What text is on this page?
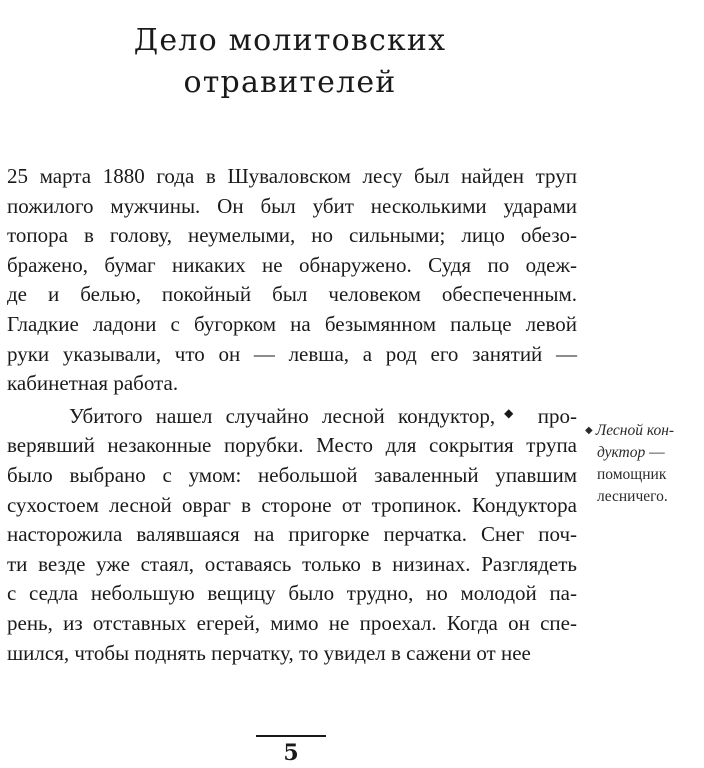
Дело молитовских
отравителей
25 марта 1880 года в Шуваловском лесу был найден труп
пожилого мужчины. Он был убит несколькими ударами
топора в голову, неумелыми, но сильными; лицо обезо-
бражено, бумаг никаких не обнаружено. Судя по одеж-
де и белью, покойный был человеком обеспеченным.
Гладкие ладони с бугорком на безымянном пальце левой
руки указывали, что он — левша, а род его занятий —
кабинетная работа.
Убитого нашел случайно лесной кондуктор,◆ про-
верявший незаконные порубки. Место для сокрытия трупа
было выбрано с умом: небольшой заваленный упавшим
сухостоем лесной овраг в стороне от тропинок. Кондуктора
насторожила валявшаяся на пригорке перчатка. Снег поч-
ти везде уже стаял, оставаясь только в низинах. Разглядеть
с седла небольшую вещицу было трудно, но молодой па-
рень, из отставных егерей, мимо не проехал. Когда он спе-
шился, чтобы поднять перчатку, то увидел в сажени от нее
◆ Лесной кон-
дуктор —
помощник
лесничего.
5
